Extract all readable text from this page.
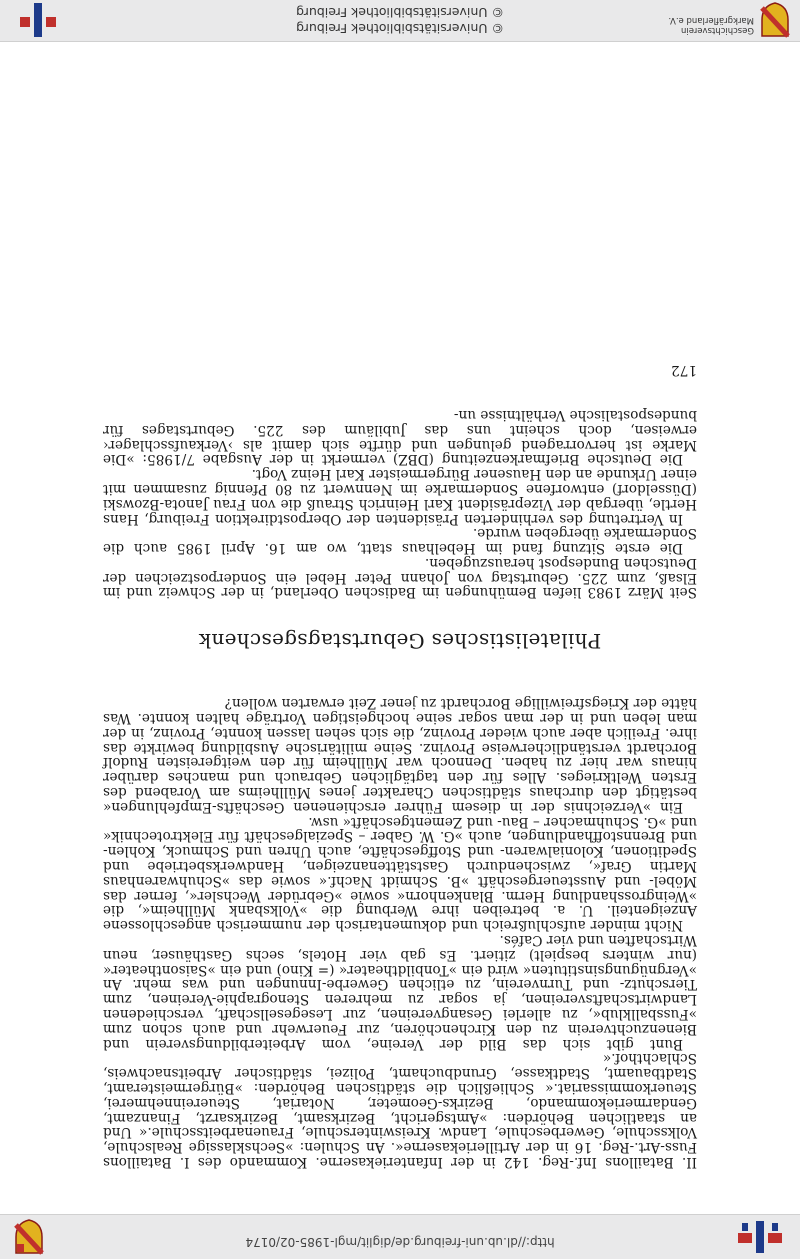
http://dl.ub.uni-freiburg.de/diglit/mgl-1985-02/0174

II. Bataillons Inf.-Reg. 142 in der Infanteriekaserne. Kommando des I. Bataillons Fuss-Art.-Reg. 16 in der Artilleriekaserne«. An Schulen: »Sechsklassige Realschule, Volksschule, Gewerbeschule, Landw. Kreiswinterschule, Frauenarbeitsschule.« Und an staatlichen Behörden: »Amtsgericht, Bezirksamt, Bezirksarzt, Finanzamt, Gendarmeriekommando, Bezirks-Geometer, Notariat, Steuereinnehmerei, Steuerkommissariat.« Schließlich die städtischen Behörden: »Bürgermeisteramt, Stadtbauamt, Stadtkasse, Grundbuchamt, Polizei, städtischer Arbeitsnachweis, Schlachthof.«

Bunt gibt sich das Bild der Vereine, vom Arbeiterbildungsverein und Bienenzuchtverein zu den Kirchenchören, zur Feuerwehr und auch schon zum »Fussballklub«, zu allerlei Gesangvereinen, zur Lesegesellschaft, verschiedenen Landwirtschaftsvereinen, ja sogar zu mehreren Stenographie-Vereinen, zum Tierschutz- und Turnverein, zu etlichen Gewerbe-Innungen und was mehr. An »Vergnügungsinstituten« wird ein »Tonbildtheater« (= Kino) und ein »Saisontheater« (nur winters bespielt) zitiert. Es gab vier Hotels, sechs Gasthäuser, neun Wirtschaften und vier Cafés.

Nicht minder aufschlußreich und dokumentarisch der nummerisch angeschlossene Anzeigenteil. U. a. betreiben ihre Werbung die »Volksbank Müllheim«, die »Weingrosshandlung Herm. Blankenhorn« sowie »Gebrüder Wechsler«, ferner das Möbel- und Aussteuergeschäft »B. Schmidt Nachf.« sowie das »Schuhwarenhaus Martin Graf«, zwischendurch Gaststättenanzeigen, Handwerksbetriebe und Speditionen, Kolonialwaren- und Stoffgeschäfte, auch Uhren und Schmuck, Kohlen- und Brennstoffhandlungen, auch »G. W. Gaber – Spezialgeschäft für Elektrotechnik« und »G. Schuhmacher – Bau- und Zementgeschäft« usw.

Ein »Verzeichnis der in diesem Führer erschienenen Geschäfts-Empfehlungen« bestätigt den durchaus städtischen Charakter jenes Müllheims am Vorabend des Ersten Weltkrieges. Alles für den tagtäglichen Gebrauch und manches darüber hinaus war hier zu haben. Dennoch war Müllheim für den weitgereisten Rudolf Borchardt verständlicherweise Provinz. Seine militärische Ausbildung bewirkte das ihre. Freilich aber auch wieder Provinz, die sich sehen lassen konnte, Provinz, in der man leben und in der man sogar seine hochgeistigen Vorträge halten konnte. Was hätte der Kriegsfreiwillige Borchardt zu jener Zeit erwarten wollen?

Philatelistisches Geburtstagsgeschenk

Seit März 1983 liefen Bemühungen im Badischen Oberland, in der Schweiz und im Elsaß, zum 225. Geburtstag von Johann Peter Hebel ein Sonderpostzeichen der Deutschen Bundespost herauszugeben.

Die erste Sitzung fand im Hebelhaus statt, wo am 16. April 1985 auch die Sondermarke übergeben wurde.

In Vertretung des verhinderten Präsidenten der Oberpostdirektion Freiburg, Hans Hertle, übergab der Vizepräsident Karl Heinrich Strauß die von Frau Janota-Bzowski (Düsseldorf) entworfene Sondermarke im Nennwert zu 80 Pfennig zusammen mit einer Urkunde an den Hausener Bürgermeister Karl Heinz Vogt.

Die Deutsche Briefmarkenzeitung (DBZ) vermerkt in der Ausgabe 7/1985: »Die Marke ist hervorragend gelungen und dürfte sich damit als ›Verkaufsschlager‹ erweisen, doch scheint uns das Jubiläum des 225. Geburtstages für bundespostalische Verhältnisse un-

172
Geschichtsverein
Markgräflerland e.V.
© Universitätsbibliothek Freiburg
© Universitätsbibliothek Freiburg
